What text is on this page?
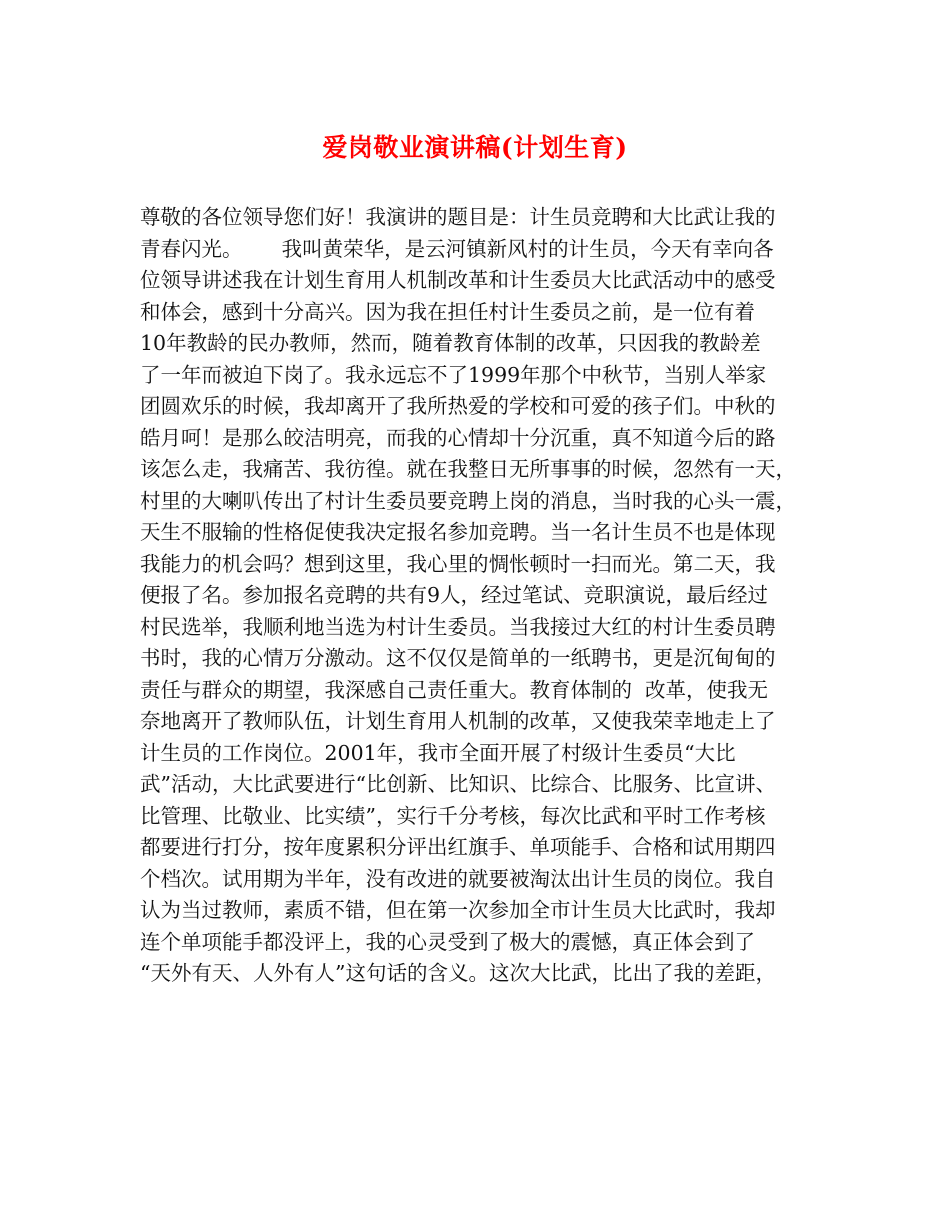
爱岗敬业演讲稿(计划生育)
尊敬的各位领导您们好！我演讲的题目是：计生员竞聘和大比武让我的
青春闪光。      我叫黄荣华，是云河镇新风村的计生员，今天有幸向各
位领导讲述我在计划生育用人机制改革和计生委员大比武活动中的感受
和体会，感到十分高兴。因为我在担任村计生委员之前，是一位有着
10年教龄的民办教师，然而，随着教育体制的改革，只因我的教龄差
了一年而被迫下岗了。我永远忘不了1999年那个中秋节，当别人举家
团圆欢乐的时候，我却离开了我所热爱的学校和可爱的孩子们。中秋的
皓月呵！是那么皎洁明亮，而我的心情却十分沉重，真不知道今后的路
该怎么走，我痛苦、我彷徨。就在我整日无所事事的时候，忽然有一天，
村里的大喇叭传出了村计生委员要竞聘上岗的消息，当时我的心头一震，
天生不服输的性格促使我决定报名参加竞聘。当一名计生员不也是体现
我能力的机会吗？想到这里，我心里的惆怅顿时一扫而光。第二天，我
便报了名。参加报名竞聘的共有9人，经过笔试、竞职演说，最后经过
村民选举，我顺利地当选为村计生委员。当我接过大红的村计生委员聘
书时，我的心情万分激动。这不仅仅是简单的一纸聘书，更是沉甸甸的
责任与群众的期望，我深感自己责任重大。教育体制的  改革，使我无
奈地离开了教师队伍，计划生育用人机制的改革，又使我荣幸地走上了
计生员的工作岗位。2001年，我市全面开展了村级计生委员“大比
武”活动，大比武要进行“比创新、比知识、比综合、比服务、比宣讲、
比管理、比敬业、比实绩”，实行千分考核，每次比武和平时工作考核
都要进行打分，按年度累积分评出红旗手、单项能手、合格和试用期四
个档次。试用期为半年，没有改进的就要被淘汰出计生员的岗位。我自
认为当过教师，素质不错，但在第一次参加全市计生员大比武时，我却
连个单项能手都没评上，我的心灵受到了极大的震憾，真正体会到了
“天外有天、人外有人”这句话的含义。这次大比武，比出了我的差距，
